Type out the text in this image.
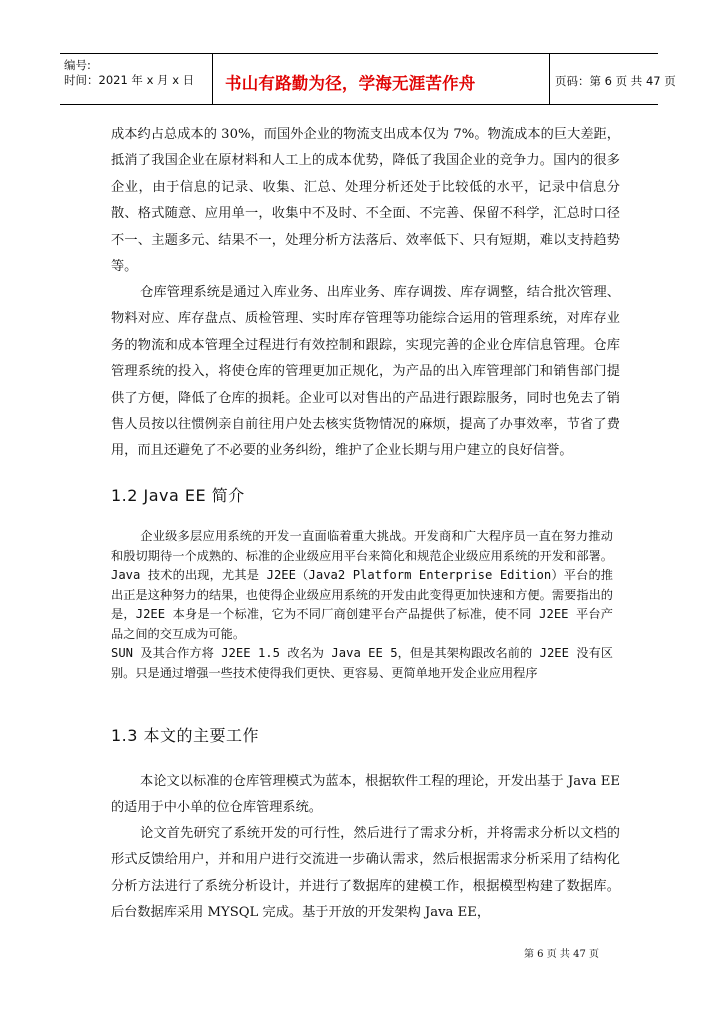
编号:
时间：2021 年 x 月 x 日 书山有路勤为径，学海无涯苦作舟	页码：第 6 页 共 47 页

成本约占总成本的 30%，而国外企业的物流支出成本仅为 7%。物流成本的巨大差距，抵消了我国企业在原材料和人工上的成本优势，降低了我国企业的竞争力。国内的很多企业，由于信息的记录、收集、汇总、处理分析还处于比较低的水平，记录中信息分散、格式随意、应用单一，收集中不及时、不全面、不完善、保留不科学，汇总时口径不一、主题多元、结果不一，处理分析方法落后、效率低下、只有短期，难以支持趋势等。

仓库管理系统是通过入库业务、出库业务、库存调拨、库存调整，结合批次管理、物料对应、库存盘点、质检管理、实时库存管理等功能综合运用的管理系统，对库存业务的物流和成本管理全过程进行有效控制和跟踪，实现完善的企业仓库信息管理。仓库管理系统的投入，将使仓库的管理更加正规化，为产品的出入库管理部门和销售部门提供了方便，降低了仓库的损耗。企业可以对售出的产品进行跟踪服务，同时也免去了销售人员按以往惯例亲自前往用户处去核实货物情况的麻烦，提高了办事效率，节省了费用，而且还避免了不必要的业务纠纷，维护了企业长期与用户建立的良好信誉。

1.2 Java EE 简介

企业级多层应用系统的开发一直面临着重大挑战。开发商和广大程序员一直在努力推动和殷切期待一个成熟的、标准的企业级应用平台来简化和规范企业级应用系统的开发和部署。Java 技术的出现，尤其是 J2EE（Java2 Platform Enterprise Edition）平台的推出正是这种努力的结果，也使得企业级应用系统的开发由此变得更加快速和方便。需要指出的是，J2EE 本身是一个标准，它为不同厂商创建平台产品提供了标准，使不同 J2EE 平台产品之间的交互成为可能。

SUN 及其合作方将 J2EE 1.5 改名为 Java EE 5，但是其架构跟改名前的 J2EE 没有区别。只是通过增强一些技术使得我们更快、更容易、更简单地开发企业应用程序

1.3 本文的主要工作

本论文以标准的仓库管理模式为蓝本，根据软件工程的理论，开发出基于 Java EE 的适用于中小单的位仓库管理系统。

论文首先研究了系统开发的可行性，然后进行了需求分析，并将需求分析以文档的形式反馈给用户，并和用户进行交流进一步确认需求，然后根据需求分析采用了结构化分析方法进行了系统分析设计，并进行了数据库的建模工作，根据模型构建了数据库。后台数据库采用 MYSQL 完成。基于开放的开发架构 Java EE，

第 6 页 共 47 页
